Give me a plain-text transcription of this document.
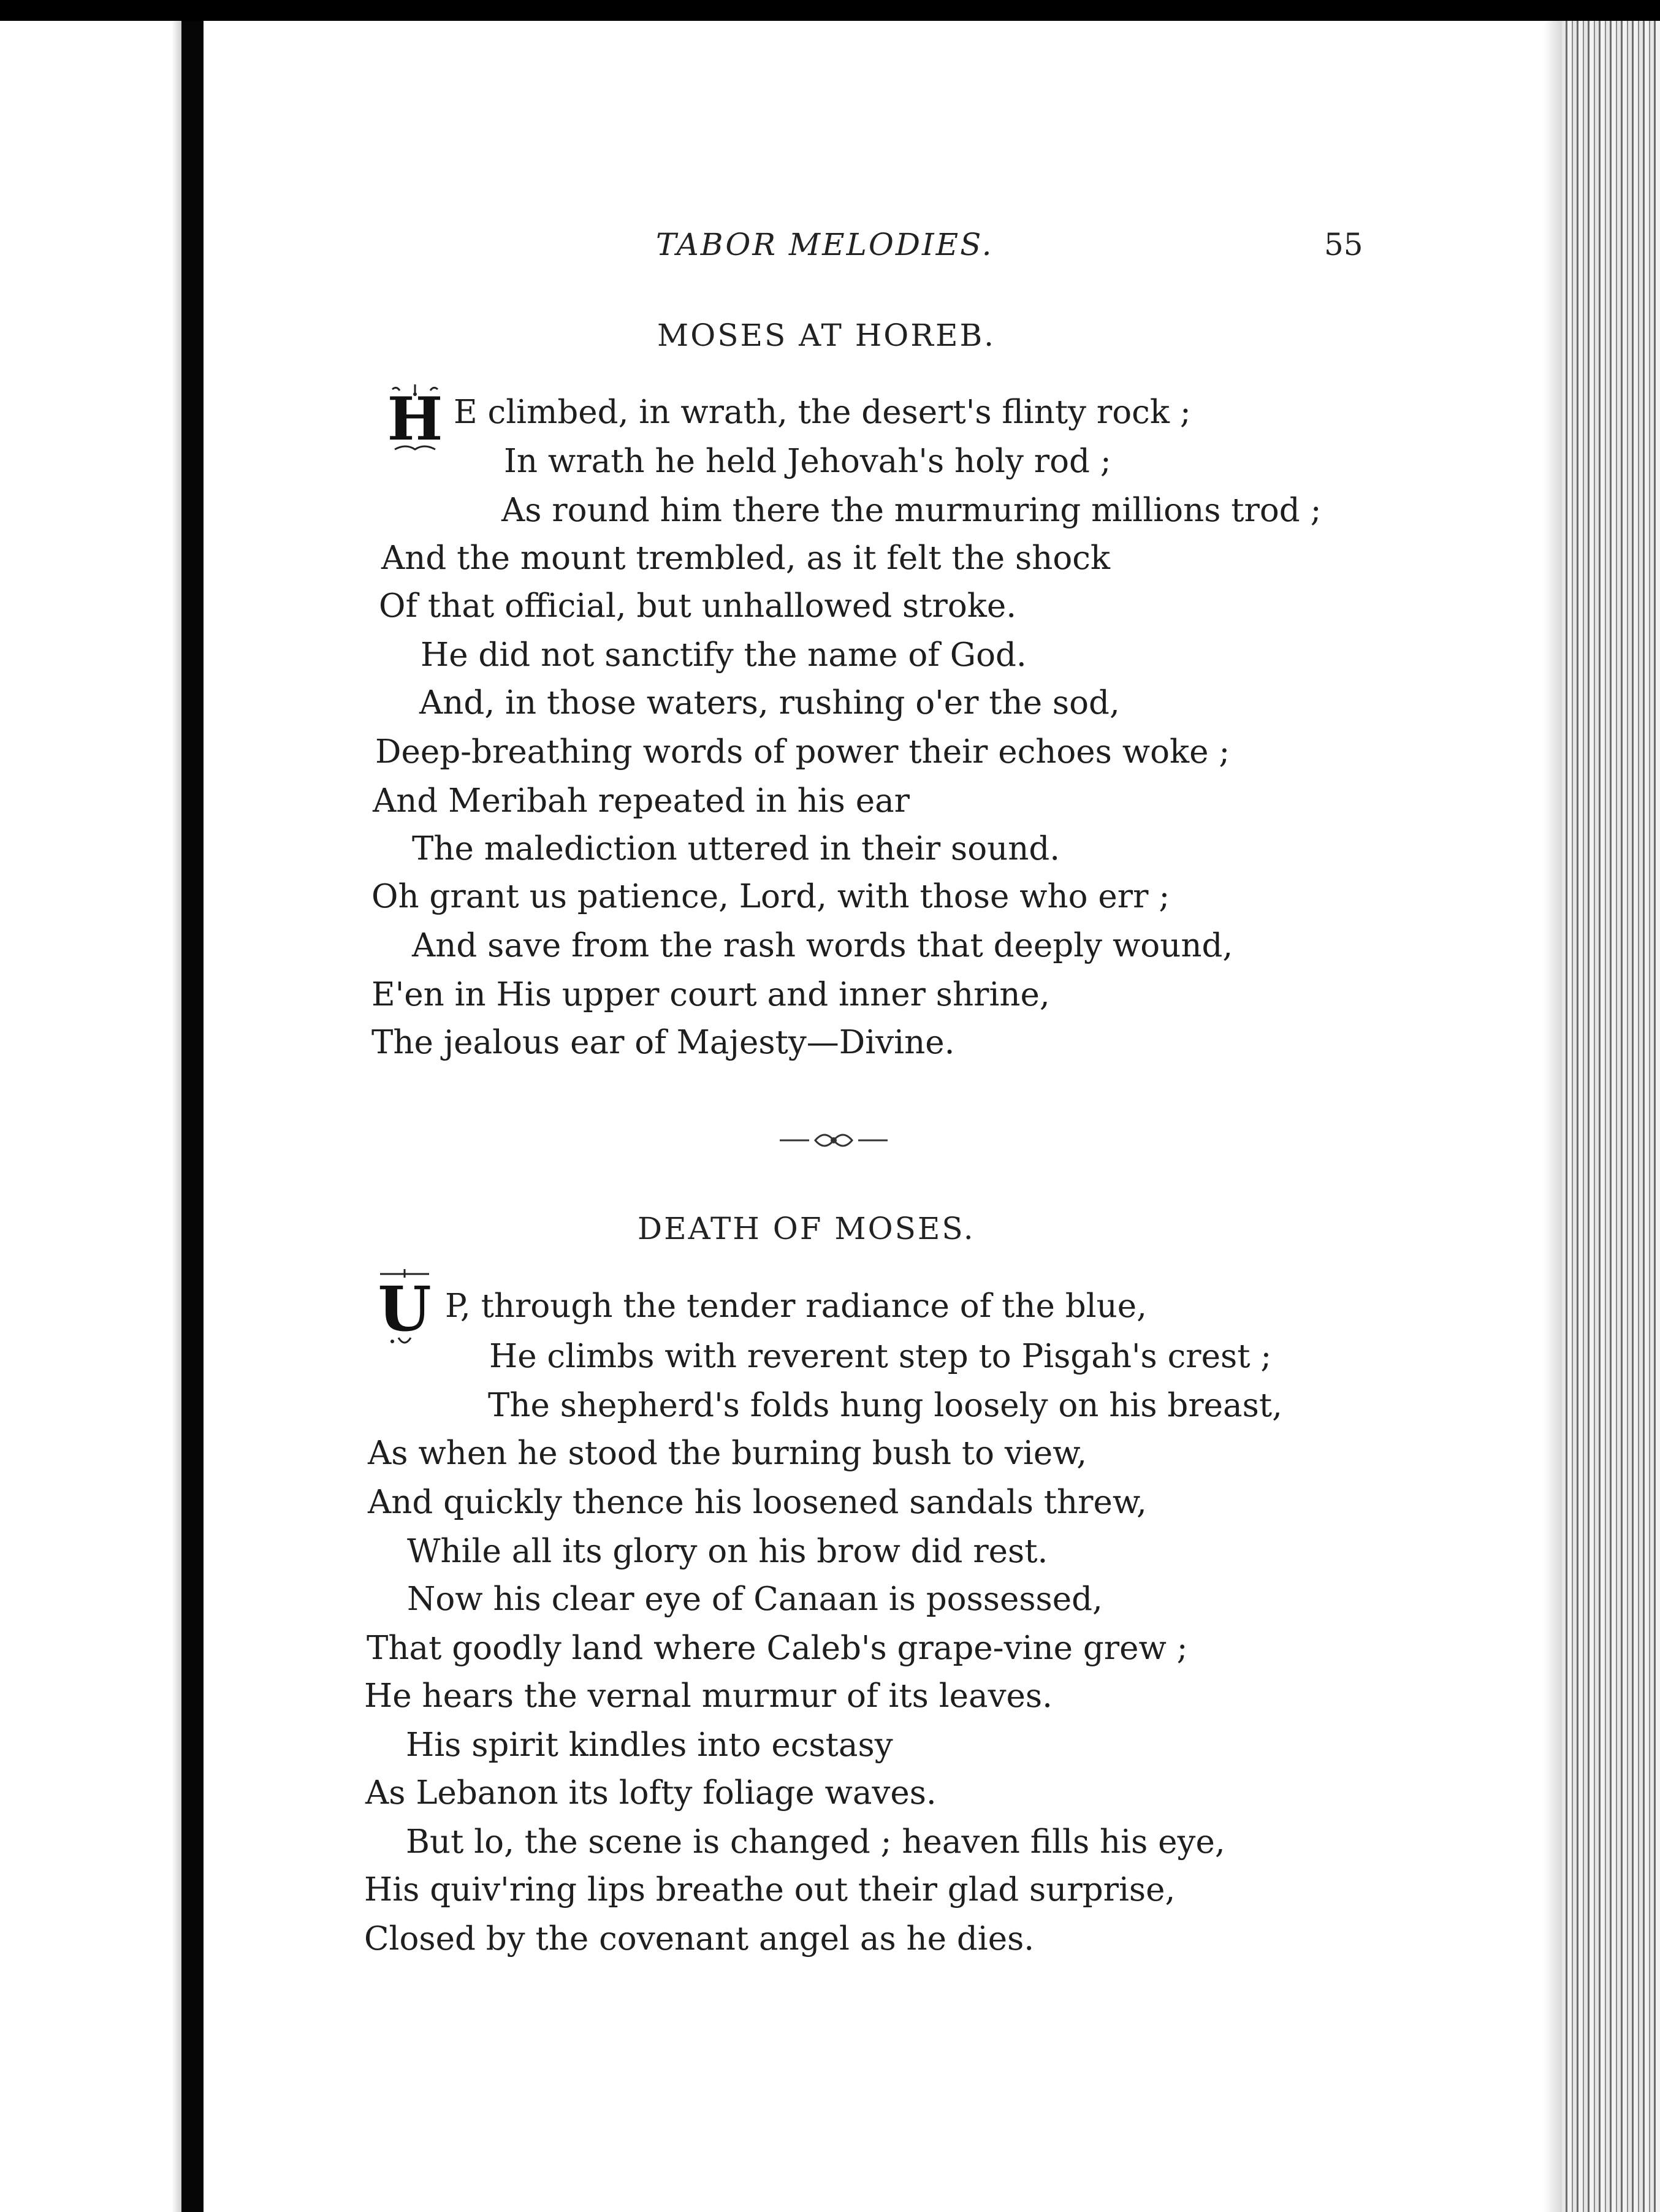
TABOR MELODIES.	55
MOSES AT HOREB.
H E climbed, in wrath, the desert's flinty rock ;
In wrath he held Jehovah's holy rod ;
As round him there the murmuring millions trod ;
And the mount trembled, as it felt the shock
Of that official, but unhallowed stroke.
He did not sanctify the name of God.
And, in those waters, rushing o'er the sod,
Deep-breathing words of power their echoes woke ;
And Meribah repeated in his ear
The malediction uttered in their sound.
Oh grant us patience, Lord, with those who err ;
And save from the rash words that deeply wound,
E'en in His upper court and inner shrine,
The jealous ear of Majesty—Divine.
DEATH OF MOSES.
U P, through the tender radiance of the blue,
He climbs with reverent step to Pisgah's crest ;
The shepherd's folds hung loosely on his breast,
As when he stood the burning bush to view,
And quickly thence his loosened sandals threw,
While all its glory on his brow did rest.
Now his clear eye of Canaan is possessed,
That goodly land where Caleb's grape-vine grew ;
He hears the vernal murmur of its leaves.
His spirit kindles into ecstasy
As Lebanon its lofty foliage waves.
But lo, the scene is changed ; heaven fills his eye,
His quiv'ring lips breathe out their glad surprise,
Closed by the covenant angel as he dies.
